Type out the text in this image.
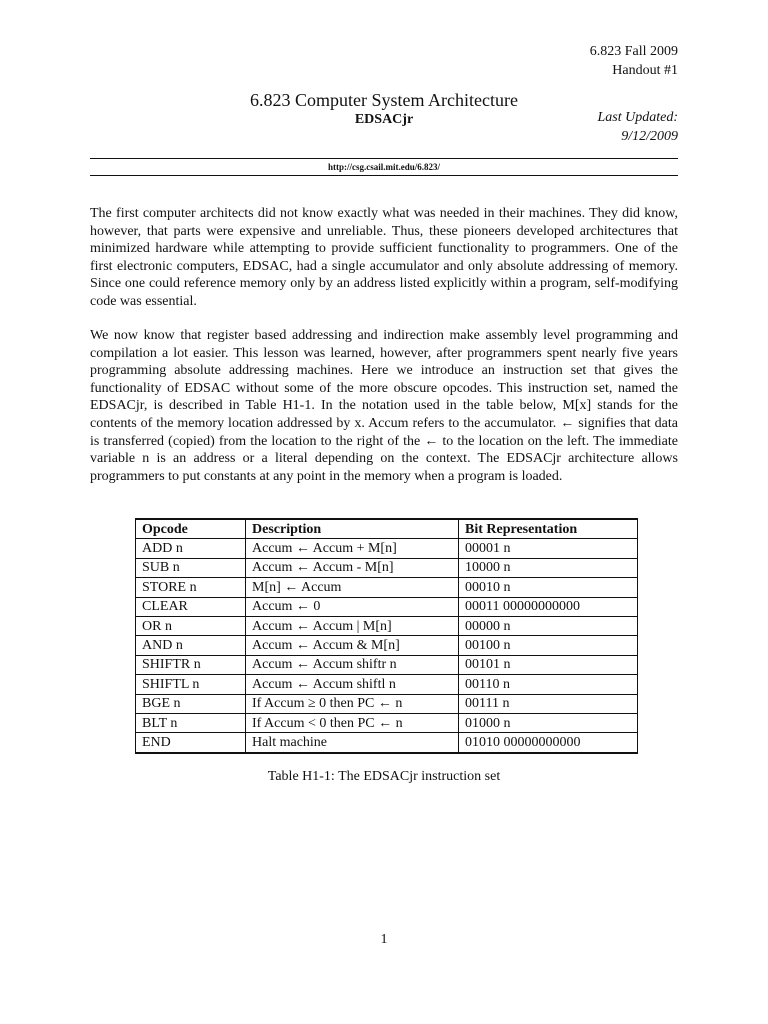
6.823 Fall 2009
Handout #1
6.823 Computer System Architecture
EDSACjr	Last Updated:
9/12/2009
http://csg.csail.mit.edu/6.823/

The first computer architects did not know exactly what was needed in their machines. They did know, however, that parts were expensive and unreliable. Thus, these pioneers developed architectures that minimized hardware while attempting to provide sufficient functionality to programmers. One of the first electronic computers, EDSAC, had a single accumulator and only absolute addressing of memory. Since one could reference memory only by an address listed explicitly within a program, self-modifying code was essential.

We now know that register based addressing and indirection make assembly level programming and compilation a lot easier. This lesson was learned, however, after programmers spent nearly five years programming absolute addressing machines. Here we introduce an instruction set that gives the functionality of EDSAC without some of the more obscure opcodes. This instruction set, named the EDSACjr, is described in Table H1-1. In the notation used in the table below, M[x] stands for the contents of the memory location addressed by x. Accum refers to the accumulator. ← signifies that data is transferred (copied) from the location to the right of the ← to the location on the left. The immediate variable n is an address or a literal depending on the context. The EDSACjr architecture allows programmers to put constants at any point in the memory when a program is loaded.

Opcode	Description	Bit Representation
ADD n	Accum ← Accum + M[n]	00001 n
SUB n	Accum ← Accum - M[n]	10000 n
STORE n	M[n] ← Accum	00010 n
CLEAR	Accum ← 0	00011 00000000000
OR n	Accum ← Accum | M[n]	00000 n
AND n	Accum ← Accum & M[n]	00100 n
SHIFTR n	Accum ← Accum shiftr n	00101 n
SHIFTL n	Accum ← Accum shiftl n	00110 n
BGE n	If Accum ≥ 0 then PC ← n	00111 n
BLT n	If Accum < 0 then PC ← n	01000 n
END	Halt machine	01010 00000000000
Table H1-1: The EDSACjr instruction set
1
